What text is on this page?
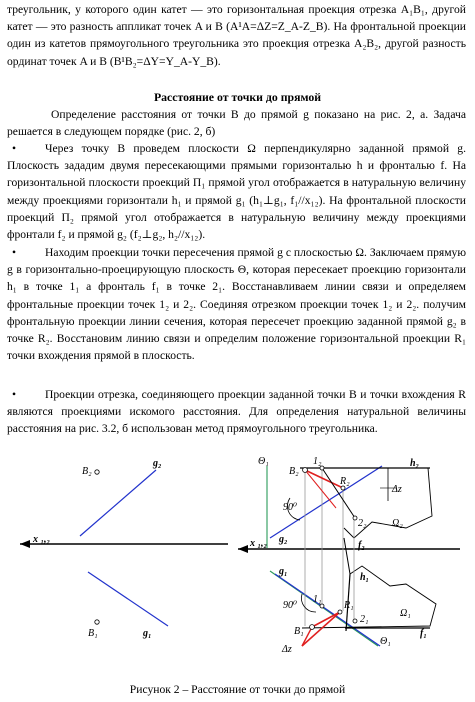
треугольник, у которого один катет — это горизонтальная проекция отрезка A₁B₁, другой катет — это разность аппликат точек A и B (A¹A=ΔZ=Z_A-Z_B). На фронтальной проекции один из катетов прямоугольного треугольника это проекция отрезка A₂B₂, другой разность ординат точек A и B (B¹B₂=ΔY=Y_A-Y_B).
Расстояние от точки до прямой
Определение расстояния от точки B до прямой g показано на рис. 2, а. Задача решается в следующем порядке (рис. 2, б)
•	Через точку B проведем плоскости Ω перпендикулярно заданной прямой g. Плоскость зададим двумя пересекающими прямыми горизонталью h и фронталью f. На горизонтальной плоскости проекций П₁ прямой угол отображается в натуральную величину между проекциями горизонтали h₁ и прямой g₁ (h₁⊥g₁, f₁//x₁₂). На фронтальной плоскости проекций П₂ прямой угол отображается в натуральную величину между проекциями фронтали f₂ и прямой g₂ (f₂⊥g₂, h₂//x₁₂).
•	Находим проекции точки пересечения прямой g с плоскостью Ω. Заключаем прямую g в горизонтально-проецирующую плоскость Θ, которая пересекает проекцию горизонтали h₁ в точке 1₁ а фронталь f₁ в точке 2₁. Восстанавливаем линии связи и определяем фронтальные проекции точек 1₂ и 2₂. Соединяя отрезком проекции точек 1₂ и 2₂. получим фронтальную проекции линии сечения, которая пересечет проекцию заданной прямой g₂ в точке R₂. Восстановим линию связи и определим положение горизонтальной проекции R₁ точки вхождения прямой в плоскость.
•	Проекции отрезка, соединяющего проекции заданной точки B и точки вхождения R являются проекциями искомого расстояния. Для определения натуральной величины расстояния на рис. 3.2, б использован метод прямоугольного треугольника.
B₂
g₂
x ₁,₂
B₁	g₁
Θ₁
B₂
1₂	h₂
R₂
Δz
90⁰
2₂	Ω₂
g₂
f₂
x ₁,₂
g₁
h₁
90⁰
1₁
R₁
Ω₁
B₁
2₁
f₁
Θ₁
Δz
Рисунок 2 – Расстояние от точки до прямой
